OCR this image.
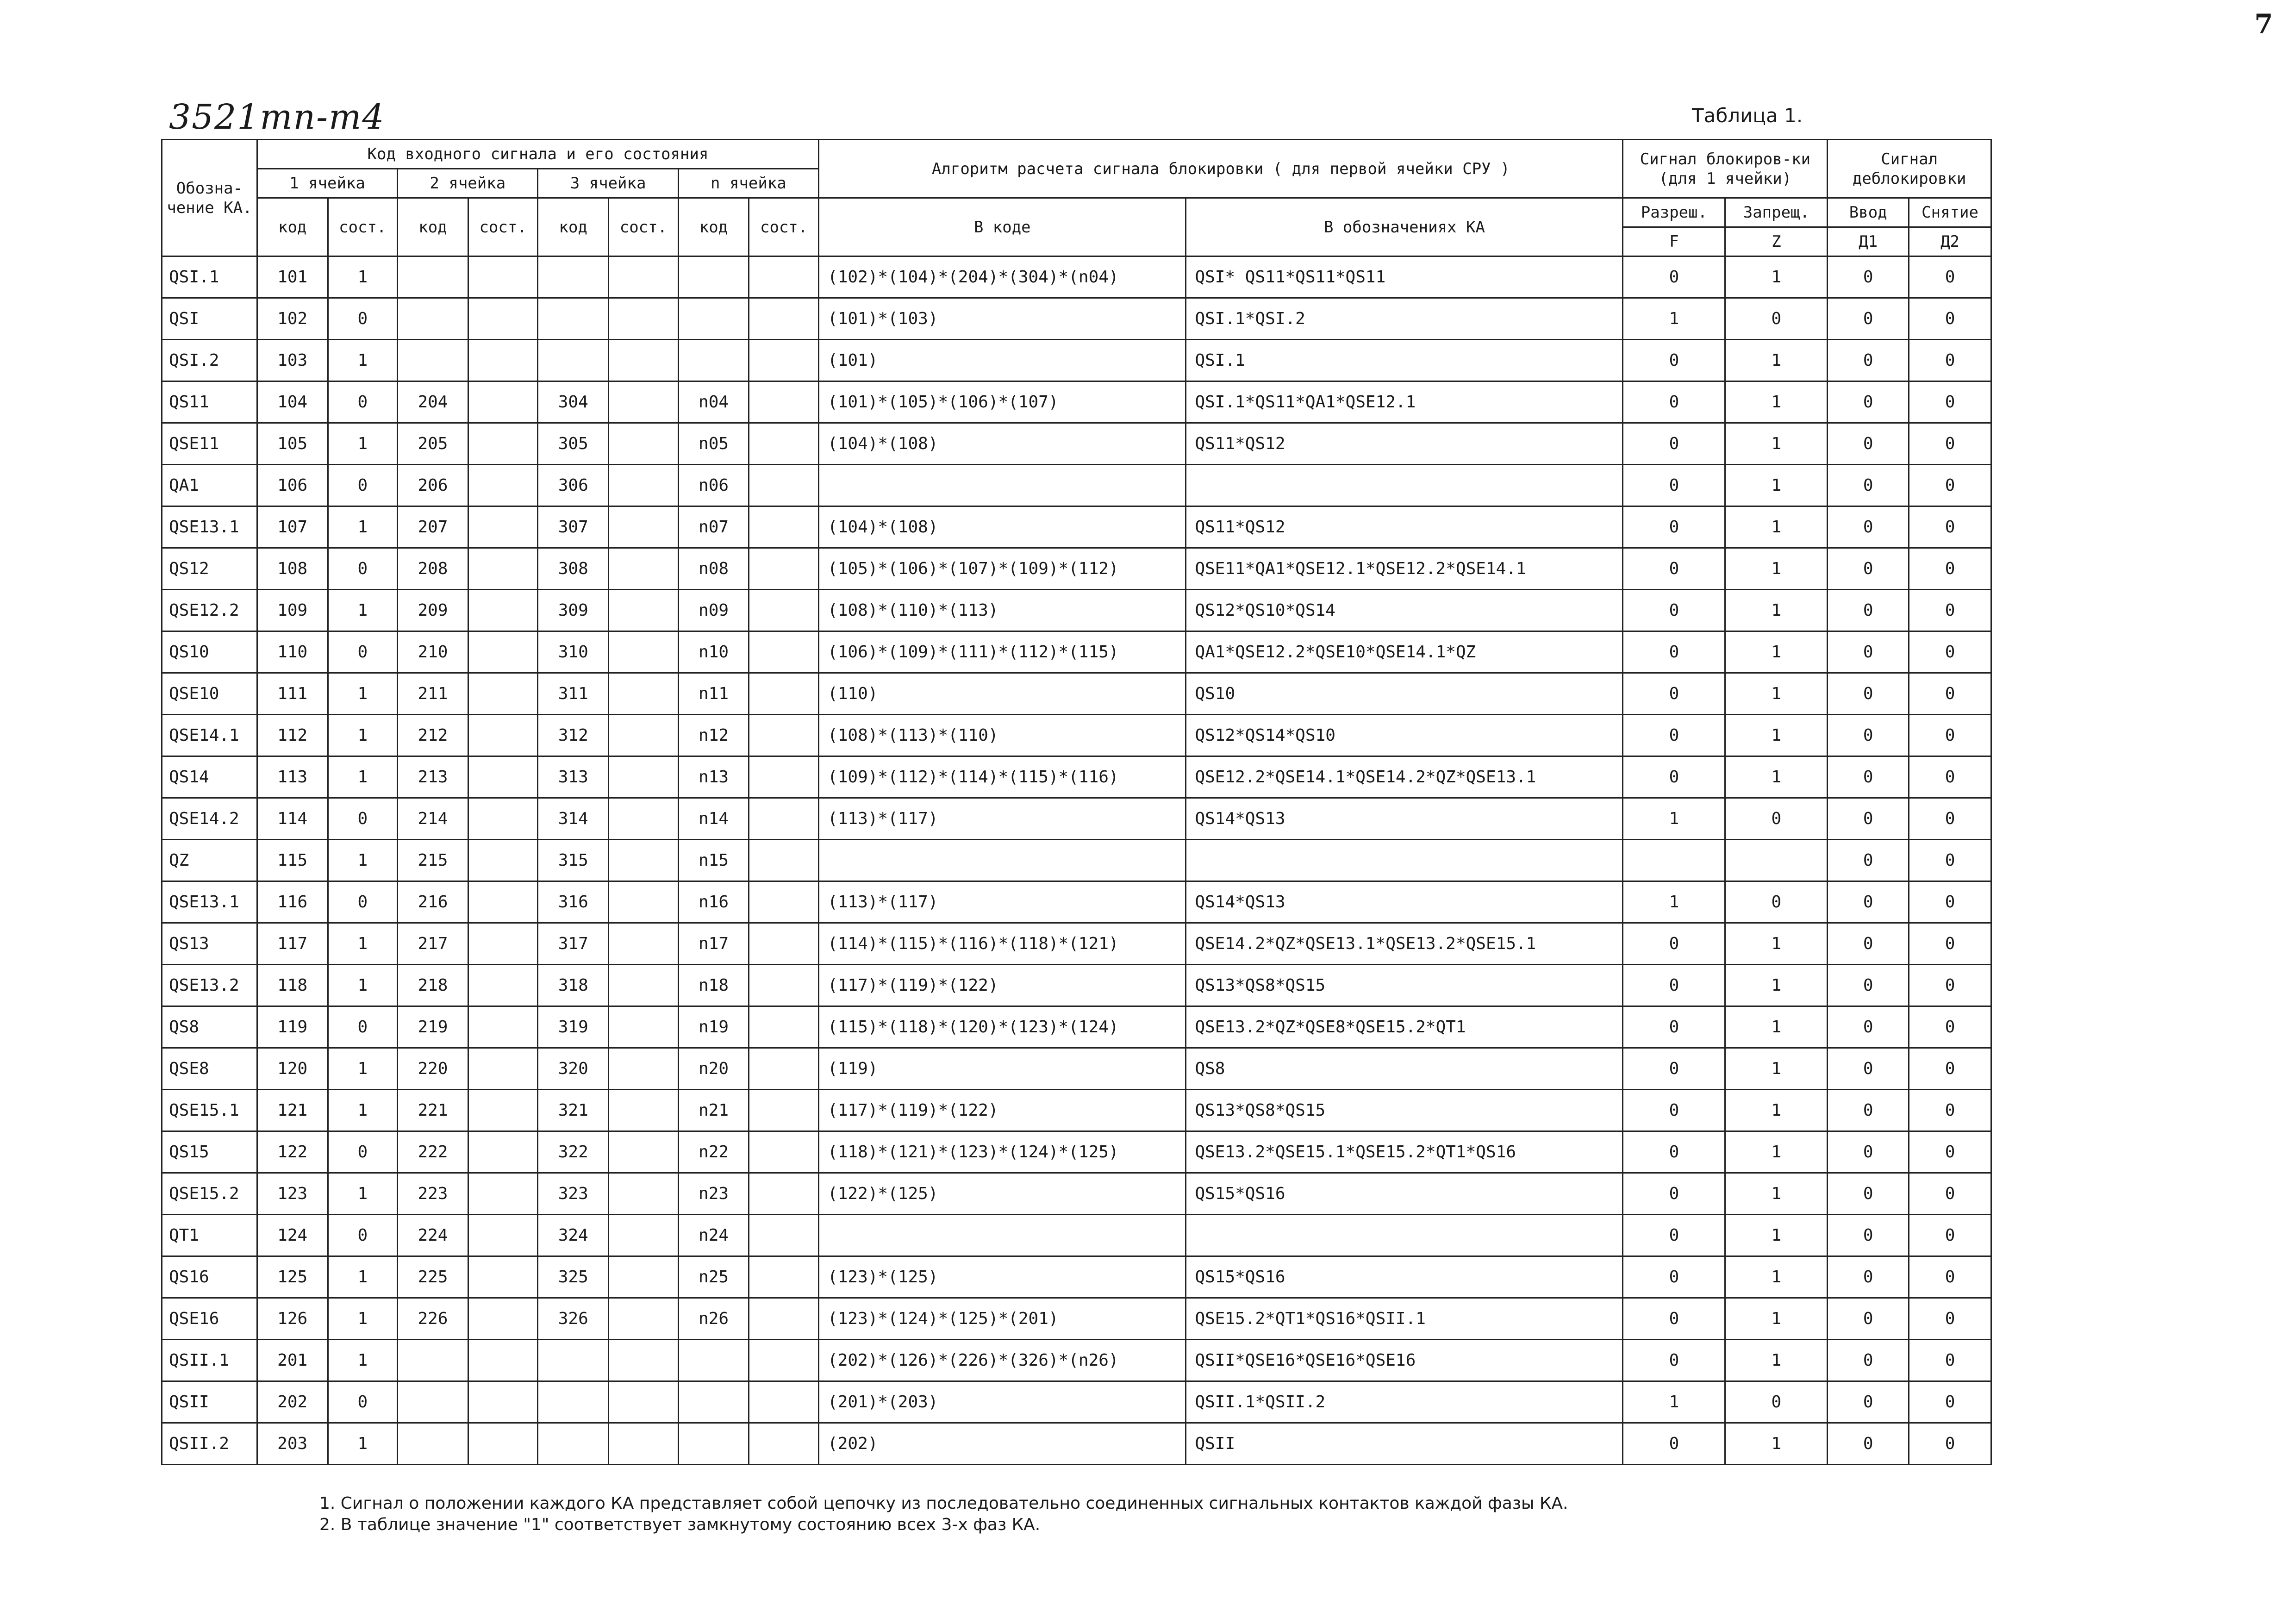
7
3521тп-т4	Таблица 1.
Обозна-чение КА.	Код входного сигнала и его состояния								Алгоритм расчета сигнала блокировки ( для первой ячейки СРУ )		Сигнал блокиров-ки (для 1 ячейки)		Сигнал деблокировки	
	1 ячейка		2 ячейка		3 ячейка		n ячейка							
	код	сост.	код	сост.	код	сост.	код	сост.	В коде	В обозначениях КА	Разреш.	Запрещ.	Ввод	Снятие
											F	Z	Д1	Д2
QSI.1	101	1							(102)*(104)*(204)*(304)*(n04)	QSI* QS11*QS11*QS11	0	1	0	0
QSI	102	0							(101)*(103)	QSI.1*QSI.2	1	0	0	0
QSI.2	103	1							(101)	QSI.1	0	1	0	0
QS11	104	0	204		304		n04		(101)*(105)*(106)*(107)	QSI.1*QS11*QA1*QSE12.1	0	1	0	0
QSE11	105	1	205		305		n05		(104)*(108)	QS11*QS12	0	1	0	0
QA1	106	0	206		306		n06				0	1	0	0
QSE13.1	107	1	207		307		n07		(104)*(108)	QS11*QS12	0	1	0	0
QS12	108	0	208		308		n08		(105)*(106)*(107)*(109)*(112)	QSE11*QA1*QSE12.1*QSE12.2*QSE14.1	0	1	0	0
QSE12.2	109	1	209		309		n09		(108)*(110)*(113)	QS12*QS10*QS14	0	1	0	0
QS10	110	0	210		310		n10		(106)*(109)*(111)*(112)*(115)	QA1*QSE12.2*QSE10*QSE14.1*QZ	0	1	0	0
QSE10	111	1	211		311		n11		(110)	QS10	0	1	0	0
QSE14.1	112	1	212		312		n12		(108)*(113)*(110)	QS12*QS14*QS10	0	1	0	0
QS14	113	1	213		313		n13		(109)*(112)*(114)*(115)*(116)	QSE12.2*QSE14.1*QSE14.2*QZ*QSE13.1	0	1	0	0
QSE14.2	114	0	214		314		n14		(113)*(117)	QS14*QS13	1	0	0	0
QZ	115	1	215		315		n15						0	0
QSE13.1	116	0	216		316		n16		(113)*(117)	QS14*QS13	1	0	0	0
QS13	117	1	217		317		n17		(114)*(115)*(116)*(118)*(121)	QSE14.2*QZ*QSE13.1*QSE13.2*QSE15.1	0	1	0	0
QSE13.2	118	1	218		318		n18		(117)*(119)*(122)	QS13*QS8*QS15	0	1	0	0
QS8	119	0	219		319		n19		(115)*(118)*(120)*(123)*(124)	QSE13.2*QZ*QSE8*QSE15.2*QT1	0	1	0	0
QSE8	120	1	220		320		n20		(119)	QS8	0	1	0	0
QSE15.1	121	1	221		321		n21		(117)*(119)*(122)	QS13*QS8*QS15	0	1	0	0
QS15	122	0	222		322		n22		(118)*(121)*(123)*(124)*(125)	QSE13.2*QSE15.1*QSE15.2*QT1*QS16	0	1	0	0
QSE15.2	123	1	223		323		n23		(122)*(125)	QS15*QS16	0	1	0	0
QT1	124	0	224		324		n24				0	1	0	0
QS16	125	1	225		325		n25		(123)*(125)	QS15*QS16	0	1	0	0
QSE16	126	1	226		326		n26		(123)*(124)*(125)*(201)	QSE15.2*QT1*QS16*QSII.1	0	1	0	0
QSII.1	201	1							(202)*(126)*(226)*(326)*(n26)	QSII*QSE16*QSE16*QSE16	0	1	0	0
QSII	202	0							(201)*(203)	QSII.1*QSII.2	1	0	0	0
QSII.2	203	1							(202)	QSII	0	1	0	0
1. Сигнал о положении каждого КА представляет собой цепочку из последовательно соединенных сигнальных контактов каждой фазы КА.
2. В таблице значение "1" соответствует замкнутому состоянию всех 3-х фаз КА.
